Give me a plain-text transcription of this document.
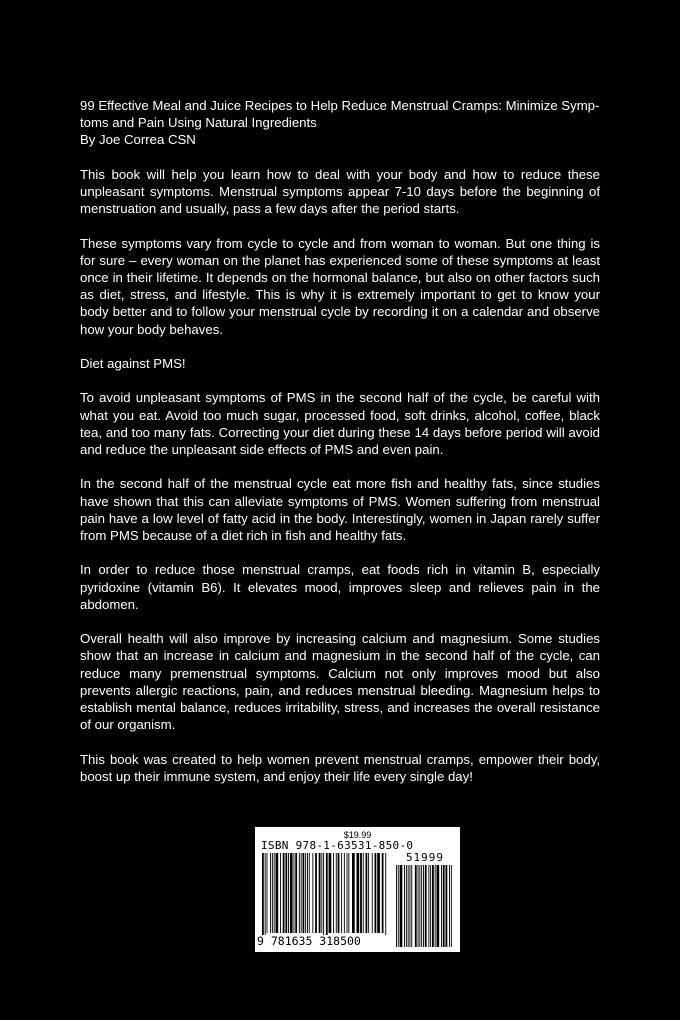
99 Effective Meal and Juice Recipes to Help Reduce Menstrual Cramps: Minimize Symp-

toms and Pain Using Natural Ingredients

By Joe Correa CSN

This book will help you learn how to deal with your body and how to reduce these unpleasant symptoms. Menstrual symptoms appear 7-10 days before the beginning of menstruation and usually, pass a few days after the period starts.

These symptoms vary from cycle to cycle and from woman to woman. But one thing is for sure – every woman on the planet has experienced some of these symptoms at least once in their lifetime. It depends on the hormonal balance, but also on other factors such as diet, stress, and lifestyle. This is why it is extremely important to get to know your body better and to follow your menstrual cycle by recording it on a calendar and observe how your body behaves.

Diet against PMS!

To avoid unpleasant symptoms of PMS in the second half of the cycle, be careful with what you eat. Avoid too much sugar, processed food, soft drinks, alcohol, coffee, black tea, and too many fats. Correcting your diet during these 14 days before period will avoid and reduce the unpleasant side effects of PMS and even pain.

In the second half of the menstrual cycle eat more fish and healthy fats, since studies have shown that this can alleviate symptoms of PMS. Women suffering from menstrual pain have a low level of fatty acid in the body. Interestingly, women in Japan rarely suffer from PMS because of a diet rich in fish and healthy fats.

In order to reduce those menstrual cramps, eat foods rich in vitamin B, especially pyridoxine (vitamin B6). It elevates mood, improves sleep and relieves pain in the abdomen.

Overall health will also improve by increasing calcium and magnesium. Some studies show that an increase in calcium and magnesium in the second half of the cycle, can reduce many premenstrual symptoms. Calcium not only improves mood but also prevents allergic reactions, pain, and reduces menstrual bleeding. Magnesium helps to establish mental balance, reduces irritability, stress, and increases the overall resistance of our organism.

This book was created to help women prevent menstrual cramps, empower their body, boost up their immune system, and enjoy their life every single day!

$19.99
ISBN 978-1-63531-850-0
51999
9 781635 318500
